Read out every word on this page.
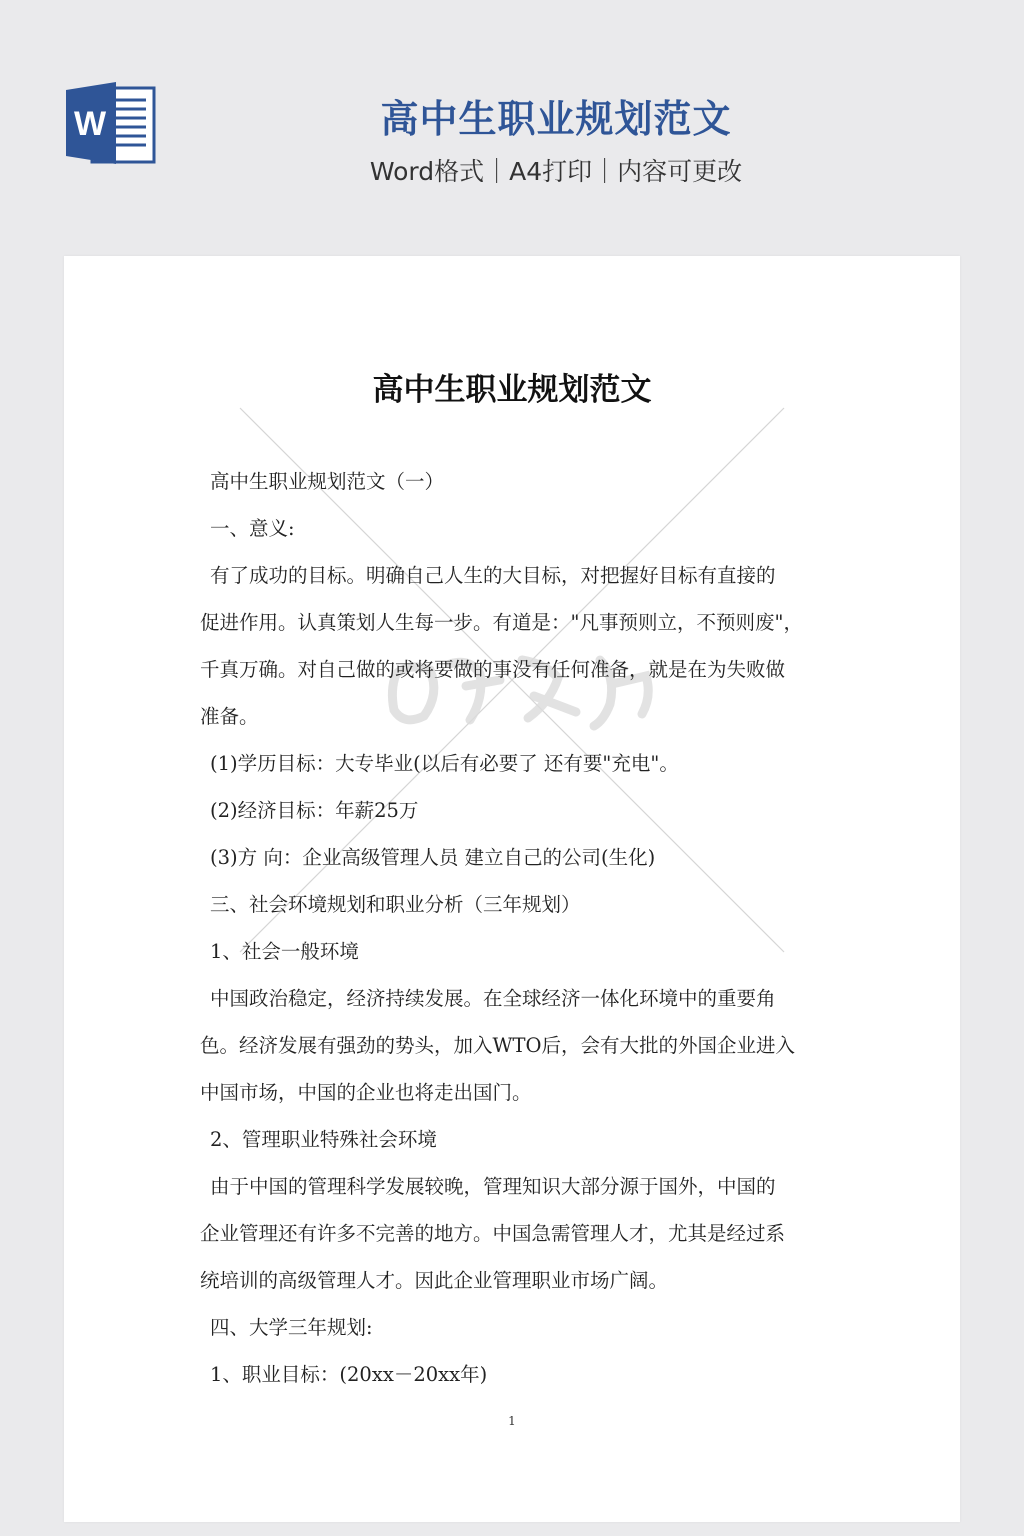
W	高中生职业规划范文
Word格式｜A4打印｜内容可更改
高中生职业规划范文

高中生职业规划范文（一）

一、意义:

有了成功的目标。明确自己人生的大目标，对把握好目标有直接的

促进作用。认真策划人生每一步。有道是："凡事预则立，不预则废"，

千真万确。对自己做的或将要做的事没有任何准备，就是在为失败做

准备。

(1)学历目标：大专毕业(以后有必要了 还有要"充电"。

(2)经济目标：年薪25万

(3)方 向：企业高级管理人员 建立自己的公司(生化)

三、社会环境规划和职业分析（三年规划）

1、社会一般环境

中国政治稳定，经济持续发展。在全球经济一体化环境中的重要角

色。经济发展有强劲的势头，加入WTO后，会有大批的外国企业进入

中国市场，中国的企业也将走出国门。

2、管理职业特殊社会环境

由于中国的管理科学发展较晚，管理知识大部分源于国外，中国的

企业管理还有许多不完善的地方。中国急需管理人才，尤其是经过系

统培训的高级管理人才。因此企业管理职业市场广阔。

四、大学三年规划:

1、职业目标：(20xx－20xx年)

1
